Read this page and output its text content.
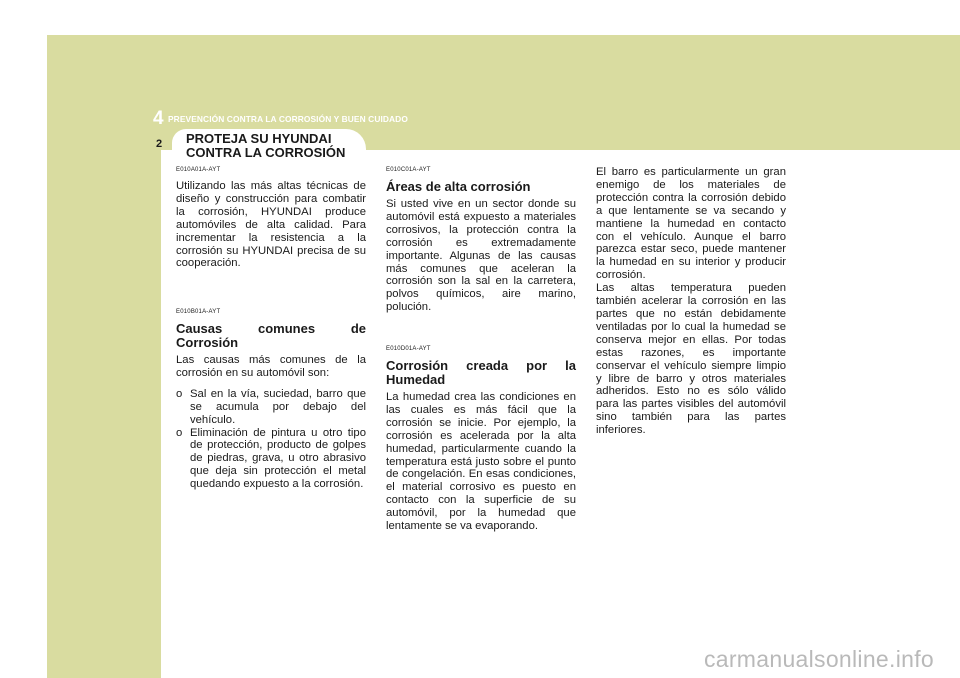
4 PREVENCIÓN CONTRA LA CORROSIÓN Y BUEN CUIDADO
2 PROTEJA SU HYUNDAI
CONTRA LA CORROSIÓN
E010A01A-AYT

Utilizando las más altas técnicas de diseño y construcción para combatir la corrosión, HYUNDAI produce automóviles de alta calidad. Para incrementar la resistencia a la corrosión su HYUNDAI precisa de su cooperación.

E010B01A-AYT
Causas comunes de Corrosión

Las causas más comunes de la corrosión en su automóvil son:

o Sal en la vía, suciedad, barro que se acumula por debajo del vehículo.
o Eliminación de pintura u otro tipo de protección, producto de golpes de piedras, grava, u otro abrasivo que deja sin protección el metal quedando expuesto a la corrosión.
E010C01A-AYT
Áreas de alta corrosión

Si usted vive en un sector donde su automóvil está expuesto a materiales corrosivos, la protección contra la corrosión es extremadamente importante. Algunas de las causas más comunes que aceleran la corrosión son la sal en la carretera, polvos químicos, aire marino, polución.

E010D01A-AYT
Corrosión creada por la Humedad

La humedad crea las condiciones en las cuales es más fácil que la corrosión se inicie. Por ejemplo, la corrosión es acelerada por la alta humedad, particularmente cuando la temperatura está justo sobre el punto de congelación. En esas condiciones, el material corrosivo es puesto en contacto con la superficie de su automóvil, por la humedad que lentamente se va evaporando.

El barro es particularmente un gran enemigo de los materiales de protección contra la corrosión debido a que lentamente se va secando y mantiene la humedad en contacto con el vehículo. Aunque el barro parezca estar seco, puede mantener la humedad en su interior y producir corrosión.

Las altas temperatura pueden también acelerar la corrosión en las partes que no están debidamente ventiladas por lo cual la humedad se conserva mejor en ellas. Por todas estas razones, es importante conservar el vehículo siempre limpio y libre de barro y otros materiales adheridos. Esto no es sólo válido para las partes visibles del automóvil sino también para las partes inferiores.

carmanualsonline.info
